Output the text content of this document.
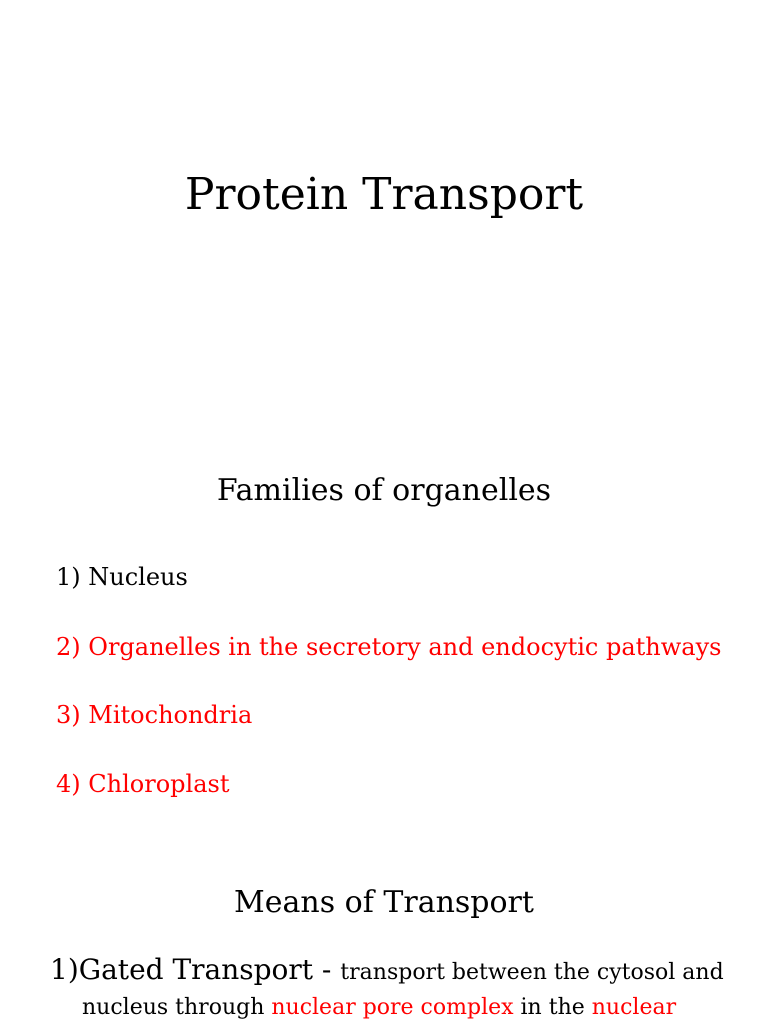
Protein Transport
Families of organelles
1) Nucleus
2) Organelles in the secretory and endocytic pathways
3) Mitochondria
4) Chloroplast
Means of Transport
1)Gated Transport - transport between the cytosol and
nucleus through nuclear pore complex in the nuclear
